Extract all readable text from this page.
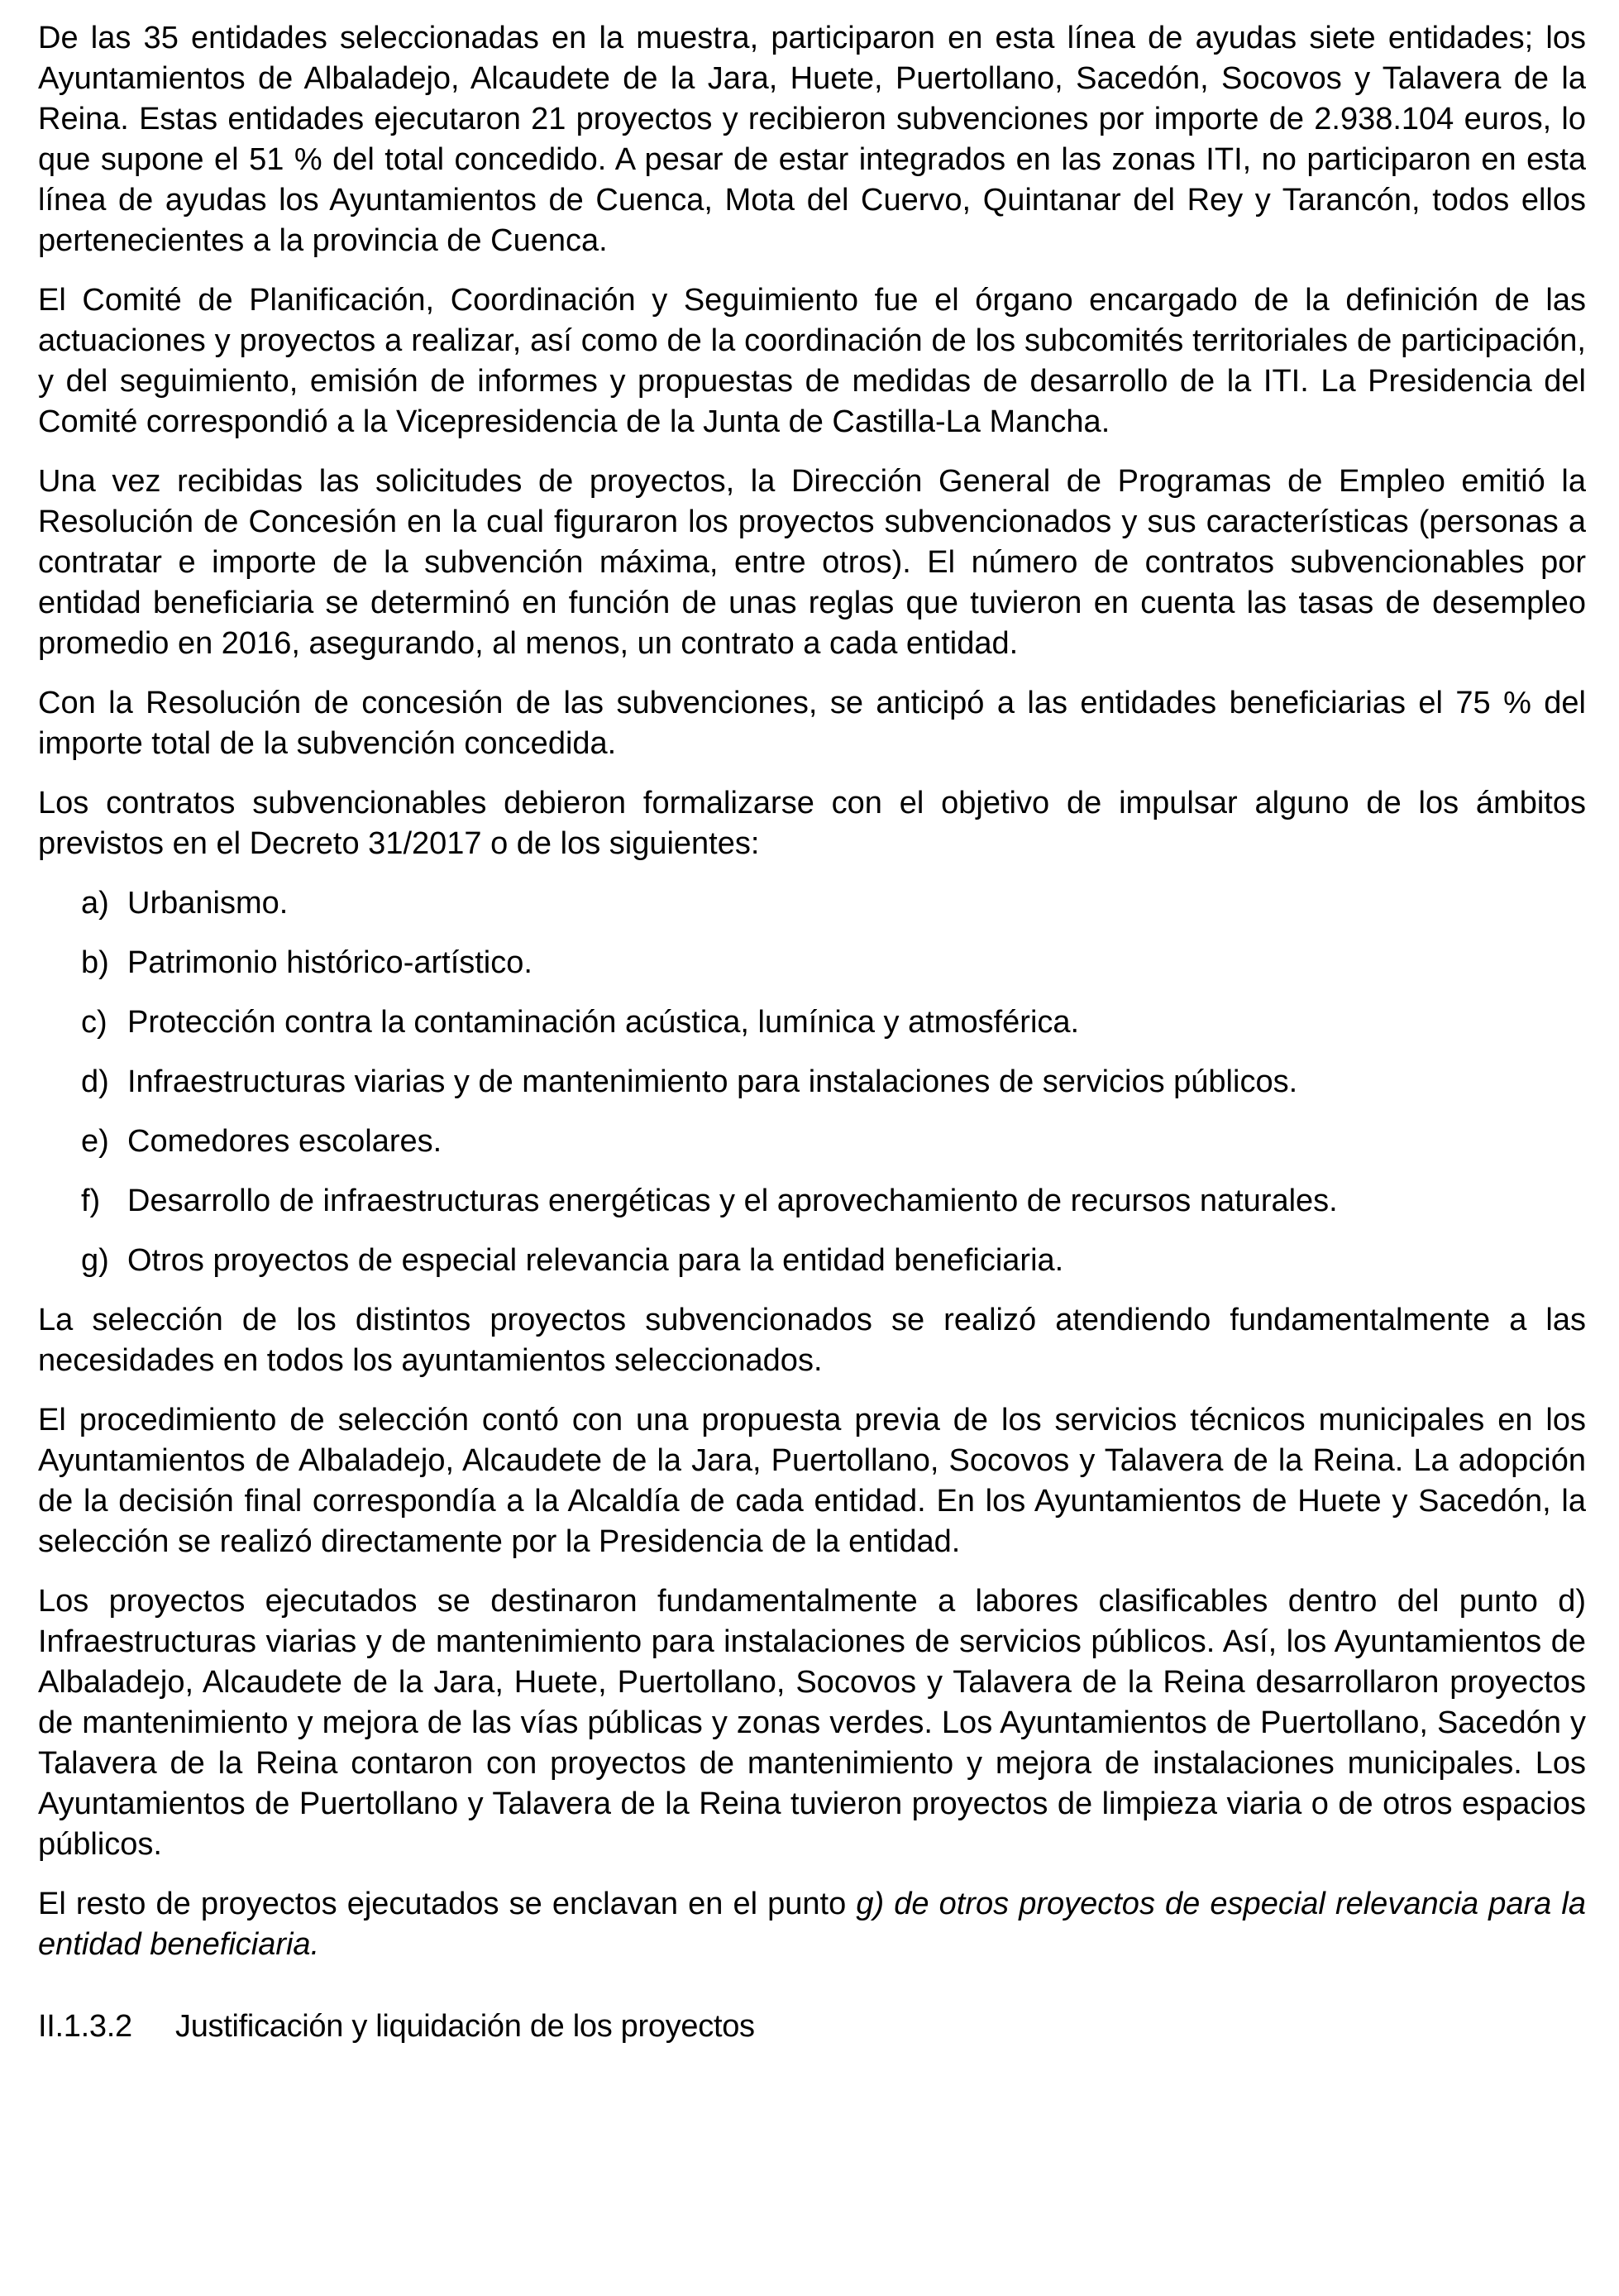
De las 35 entidades seleccionadas en la muestra, participaron en esta línea de ayudas siete entidades; los Ayuntamientos de Albaladejo, Alcaudete de la Jara, Huete, Puertollano, Sacedón, Socovos y Talavera de la Reina. Estas entidades ejecutaron 21 proyectos y recibieron subvenciones por importe de 2.938.104 euros, lo que supone el 51 % del total concedido. A pesar de estar integrados en las zonas ITI, no participaron en esta línea de ayudas los Ayuntamientos de Cuenca, Mota del Cuervo, Quintanar del Rey y Tarancón, todos ellos pertenecientes a la provincia de Cuenca.

El Comité de Planificación, Coordinación y Seguimiento fue el órgano encargado de la definición de las actuaciones y proyectos a realizar, así como de la coordinación de los subcomités territoriales de participación, y del seguimiento, emisión de informes y propuestas de medidas de desarrollo de la ITI. La Presidencia del Comité correspondió a la Vicepresidencia de la Junta de Castilla-La Mancha.

Una vez recibidas las solicitudes de proyectos, la Dirección General de Programas de Empleo emitió la Resolución de Concesión en la cual figuraron los proyectos subvencionados y sus características (personas a contratar e importe de la subvención máxima, entre otros). El número de contratos subvencionables por entidad beneficiaria se determinó en función de unas reglas que tuvieron en cuenta las tasas de desempleo promedio en 2016, asegurando, al menos, un contrato a cada entidad.

Con la Resolución de concesión de las subvenciones, se anticipó a las entidades beneficiarias el 75 % del importe total de la subvención concedida.

Los contratos subvencionables debieron formalizarse con el objetivo de impulsar alguno de los ámbitos previstos en el Decreto 31/2017 o de los siguientes:

a) Urbanismo.
b) Patrimonio histórico-artístico.
c) Protección contra la contaminación acústica, lumínica y atmosférica.
d) Infraestructuras viarias y de mantenimiento para instalaciones de servicios públicos.
e) Comedores escolares.
f) Desarrollo de infraestructuras energéticas y el aprovechamiento de recursos naturales.
g) Otros proyectos de especial relevancia para la entidad beneficiaria.

La selección de los distintos proyectos subvencionados se realizó atendiendo fundamentalmente a las necesidades en todos los ayuntamientos seleccionados.

El procedimiento de selección contó con una propuesta previa de los servicios técnicos municipales en los Ayuntamientos de Albaladejo, Alcaudete de la Jara, Puertollano, Socovos y Talavera de la Reina. La adopción de la decisión final correspondía a la Alcaldía de cada entidad. En los Ayuntamientos de Huete y Sacedón, la selección se realizó directamente por la Presidencia de la entidad.

Los proyectos ejecutados se destinaron fundamentalmente a labores clasificables dentro del punto d) Infraestructuras viarias y de mantenimiento para instalaciones de servicios públicos. Así, los Ayuntamientos de Albaladejo, Alcaudete de la Jara, Huete, Puertollano, Socovos y Talavera de la Reina desarrollaron proyectos de mantenimiento y mejora de las vías públicas y zonas verdes. Los Ayuntamientos de Puertollano, Sacedón y Talavera de la Reina contaron con proyectos de mantenimiento y mejora de instalaciones municipales. Los Ayuntamientos de Puertollano y Talavera de la Reina tuvieron proyectos de limpieza viaria o de otros espacios públicos.

El resto de proyectos ejecutados se enclavan en el punto g) de otros proyectos de especial relevancia para la entidad beneficiaria.

II.1.3.2 Justificación y liquidación de los proyectos
